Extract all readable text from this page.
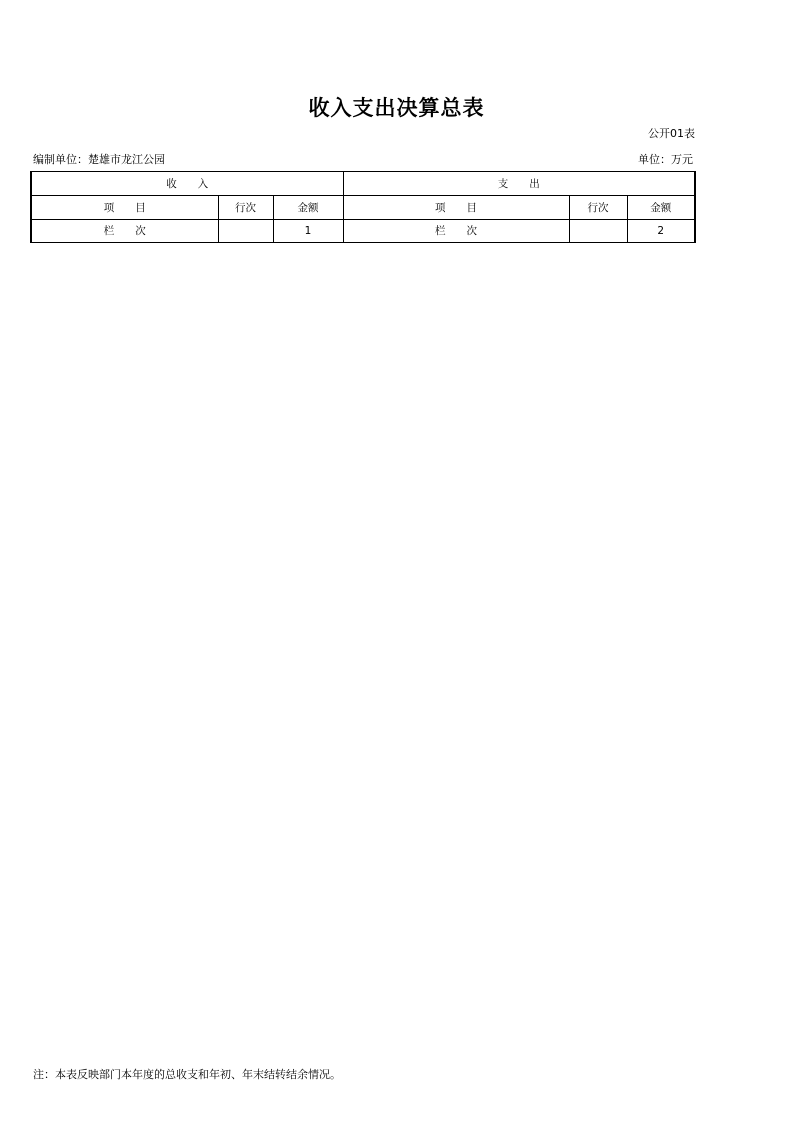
收入支出决算总表
公开01表
编制单位：楚雄市龙江公园	单位：万元
收　　入			支　　出		
项　　目	行次	金额	项　　目	行次	金额
栏　　次		1	栏　　次		2
注：本表反映部门本年度的总收支和年初、年末结转结余情况。
